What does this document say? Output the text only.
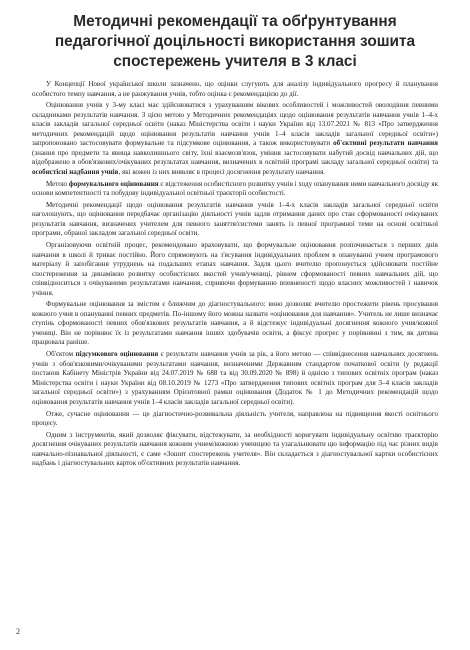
Методичні рекомендації та обґрунтування
педагогічної доцільності використання зошита
спостережень учителя в 3 класі

У Концепції Нової української школи зазначено, що оцінки слугують для аналізу індивідуального прогресу й планування особистого темпу навчання, а не ранжування учнів, тобто оцінка є рекомендацією до дії.

Оцінювання учнів у 3-му класі має здійснюватися з урахуванням вікових особливостей і можливостей оволодіння певними складниками результатів навчання. З цією метою у Методичних рекомендаціях щодо оцінювання результатів навчання учнів 1–4-х класів закладів загальної середньої освіти (наказ Міністерства освіти і науки України від 13.07.2021 № 813 «Про затвердження методичних рекомендацій щодо оцінювання результатів навчання учнів 1–4 класів закладів загальної середньої освіти») запропоновано застосовувати формувальне та підсумкове оцінювання, а також використовувати об'єктивні результати навчання (знання про предмети та явища навколишнього світу, їхні взаємозв'язок, уміння застосовувати набутий досвід навчальних дій, що відображено в обов'язкових/очікуваних результатах навчання, визначених в освітній програмі закладу загальної середньої освіти) та особистісні надбання учнів, які кожен із них виявляє в процесі досягнення результату навчання.

Метою формувального оцінювання є відстеження особистісного розвитку учнів і ходу опанування ними навчального досвіду як основи компетентності та побудову індивідуальної освітньої траєкторії особистості.

Методичні рекомендації щодо оцінювання результатів навчання учнів 1–4-х класів закладів загальної середньої освіти наголошують, що оцінювання передбачає організацію діяльності учнів задля отримання даних про стан сформованості очікуваних результатів навчання, визначених учителем для певного заняття/системи занять із певної програмної теми на основі освітньої програми, обраної закладом загальної середньої освіти.

Організовуючи освітній процес, рекомендовано враховувати, що формувальне оцінювання розпочинається з перших днів навчання в школі й триває постійно. Його спрямовують на з'ясування індивідуальних проблем в опануванні учнем програмового матеріалу й запобігання утруднень на подальших етапах навчання. Задля цього вчителю пропонується здійснювати постійне спостереження за динамікою розвитку особистісних якостей учня/учениці, рівнем сформованості певних навчальних дій, що співвідноситься з очікуваними результатами навчання, сприяючи формуванню впевненості щодо власних можливостей і навичок учіння.

Формувальне оцінювання за змістом є ближчим до діагностувального: воно дозволяє вчителю простежити рівень просування кожного учня в опануванні певних предметів. По-іншому його можна назвати «оцінювання для навчання». Учитель не лише визначає ступінь сформованості певних обов'язкових результатів навчання, а й відстежує індивідуальні досягнення кожного учня/кожної учениці. Він не порівнює їх із результатами навчання інших здобувачів освіти, а фіксує прогрес у порівнянні з тим, як дитина працювала раніше.

Об'єктом підсумкового оцінювання є результати навчання учнів за рік, а його метою — співвіднесення навчальних досягнень учнів з обов'язковими/очікуваними результатами навчання, визначеними Державним стандартом початкової освіти (у редакції постанов Кабінету Міністрів України від 24.07.2019 № 688 та від 30.09.2020 № 898) й однією з типових освітніх програм (наказ Міністерства освіти і науки України від 08.10.2019 № 1273 «Про затвердження типових освітніх програм для 3–4 класів закладів загальної середньої освіти») з урахуванням Орієнтовної рамки оцінювання (Додаток № 1 до Методичних рекомендацій щодо оцінювання результатів навчання учнів 1–4 класів закладів загальної середньої освіти).

Отже, сучасне оцінювання — це діагностично-розвивальна діяльність учителя, направлена на підвищення якості освітнього процесу.

Одним з інструментів, який дозволяє фіксувати, відстежувати, за необхідності коригувати індивідуальну освітню траєкторію досягнення очікуваних результатів навчання кожним учнем/кожною ученицею та узагальнювати цю інформацію під час різних видів навчально-пізнавальної діяльності, є саме «Зошит спостережень учителя». Він складається з діагностувальної картки особистісних надбань і діагностувальних карток об'єктивних результатів навчання.

2
